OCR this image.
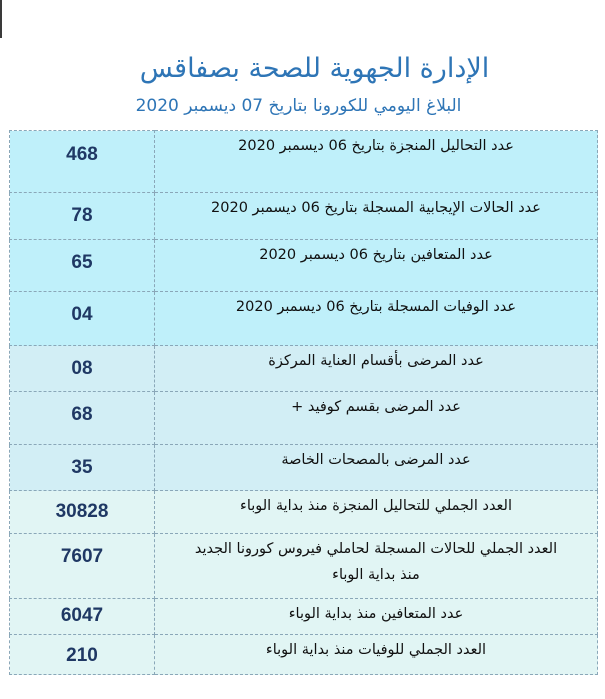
الإدارة الجهوية للصحة بصفاقس
البلاغ اليومي للكورونا بتاريخ 07 ديسمبر 2020
468	عدد التحاليل المنجزة بتاريخ 06 ديسمبر 2020

78	عدد الحالات الإيجابية المسجلة بتاريخ 06 ديسمبر 2020

65	عدد المتعافين بتاريخ 06 ديسمبر 2020

04	عدد الوفيات المسجلة بتاريخ 06 ديسمبر 2020

08	عدد المرضى بأقسام العناية المركزة

68	عدد المرضى بقسم كوفيد +

35	عدد المرضى بالمصحات الخاصة

30828	العدد الجملي للتحاليل المنجزة منذ بداية الوباء

7607	العدد الجملي للحالات المسجلة لحاملي فيروس كورونا الجديد منذ بداية الوباء

6047	عدد المتعافين منذ بداية الوباء

210	العدد الجملي للوفيات منذ بداية الوباء
